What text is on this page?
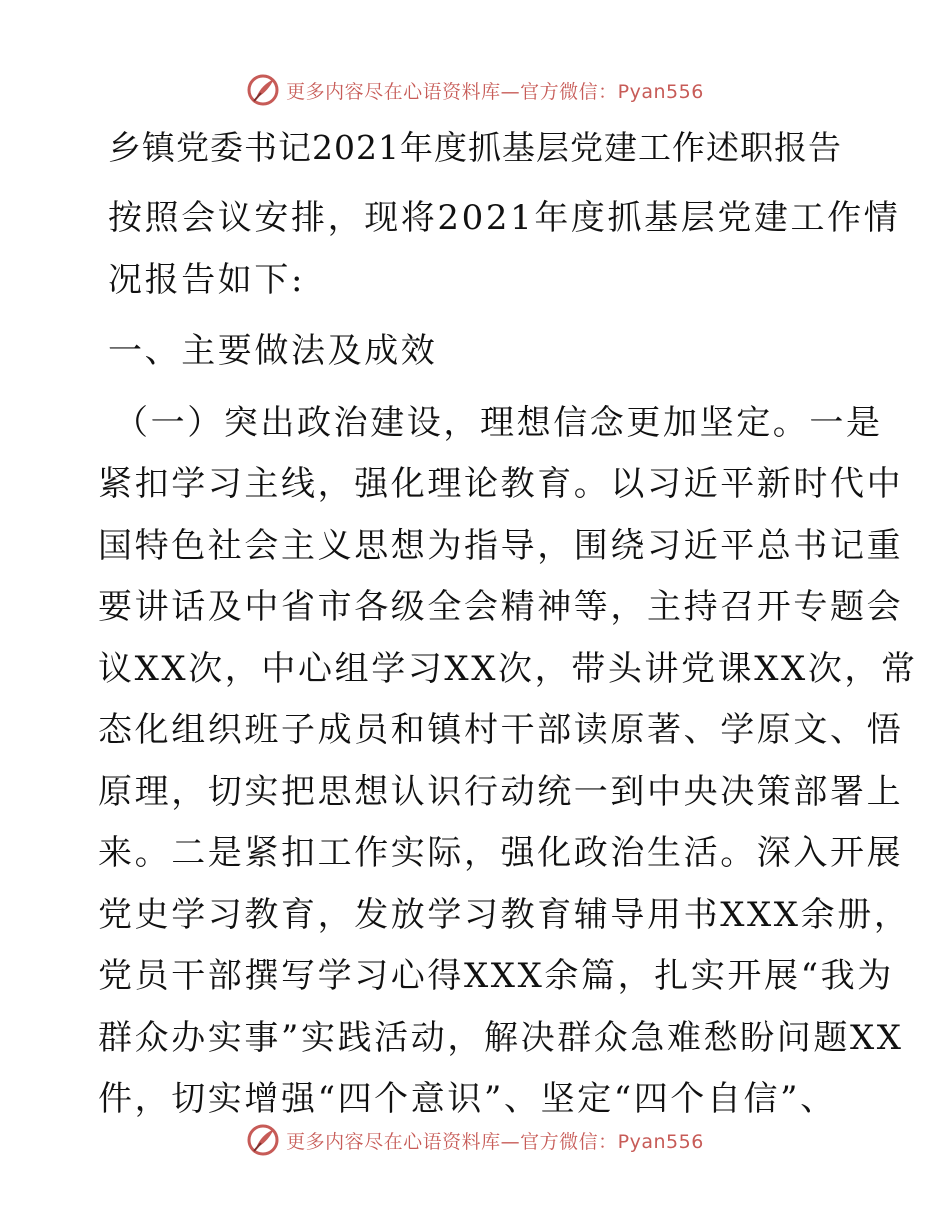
更多内容尽在心语资料库—官方微信：Pyan556
乡镇党委书记2021年度抓基层党建工作述职报告

按照会议安排，现将2021年度抓基层党建工作情
况报告如下:

一、主要做法及成效

（一）突出政治建设，理想信念更加坚定。一是
紧扣学习主线，强化理论教育。以习近平新时代中
国特色社会主义思想为指导，围绕习近平总书记重
要讲话及中省市各级全会精神等，主持召开专题会
议XX次，中心组学习XX次，带头讲党课XX次，常
态化组织班子成员和镇村干部读原著、学原文、悟
原理，切实把思想认识行动统一到中央决策部署上
来。二是紧扣工作实际，强化政治生活。深入开展
党史学习教育，发放学习教育辅导用书XXX余册，
党员干部撰写学习心得XXX余篇，扎实开展“我为
群众办实事”实践活动，解决群众急难愁盼问题XX
件，切实增强“四个意识”、坚定“四个自信”、

更多内容尽在心语资料库—官方微信：Pyan556
